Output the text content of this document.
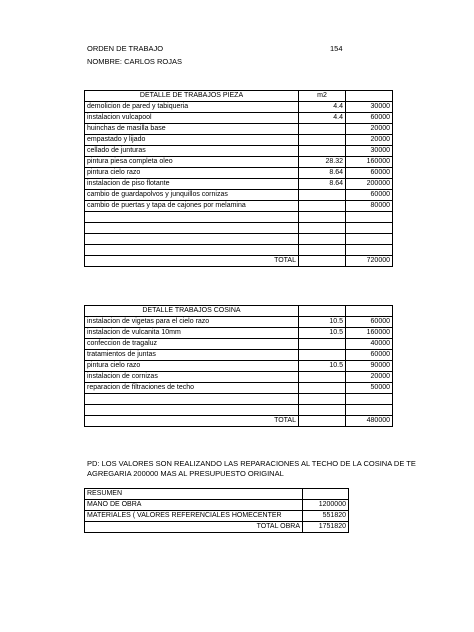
ORDEN DE TRABAJO	154
NOMBRE: CARLOS ROJAS
DETALLE DE TRABAJOS PIEZA	m2	
demolicion de pared y tabiqueria	4.4	30000
instalacion vulcapool	4.4	60000
huinchas de masilla base		20000
empastado y lijado		20000
cellado de junturas		30000
pintura piesa completa oleo	28.32	160000
pintura cielo razo	8.64	60000
instalacion de piso flotante	8.64	200000
cambio de guardapolvos y junquillos cornizas		60000
cambio de puertas y tapa de cajones por melamina		80000

TOTAL		720000
DETALLE TRABAJOS COSINA		
instalacion de vigetas para el cielo razo	10.5	60000
instalacion de vulcanita 10mm	10.5	160000
confeccion de tragaluz		40000
tratamientos de juntas		60000
pintura cielo razo	10.5	90000
instalacion de cornizas		20000
reparacion de filtraciones de techo		50000

TOTAL		480000
PD: LOS VALORES SON REALIZANDO LAS REPARACIONES AL TECHO DE LA COSINA DE TE
AGREGARIA 200000 MAS AL PRESUPUESTO ORIGINAL
RESUMEN	
MANO DE OBRA	1200000
MATERIALES ( VALORES REFERENCIALES HOMECENTER	551820
TOTAL OBRA	1751820
